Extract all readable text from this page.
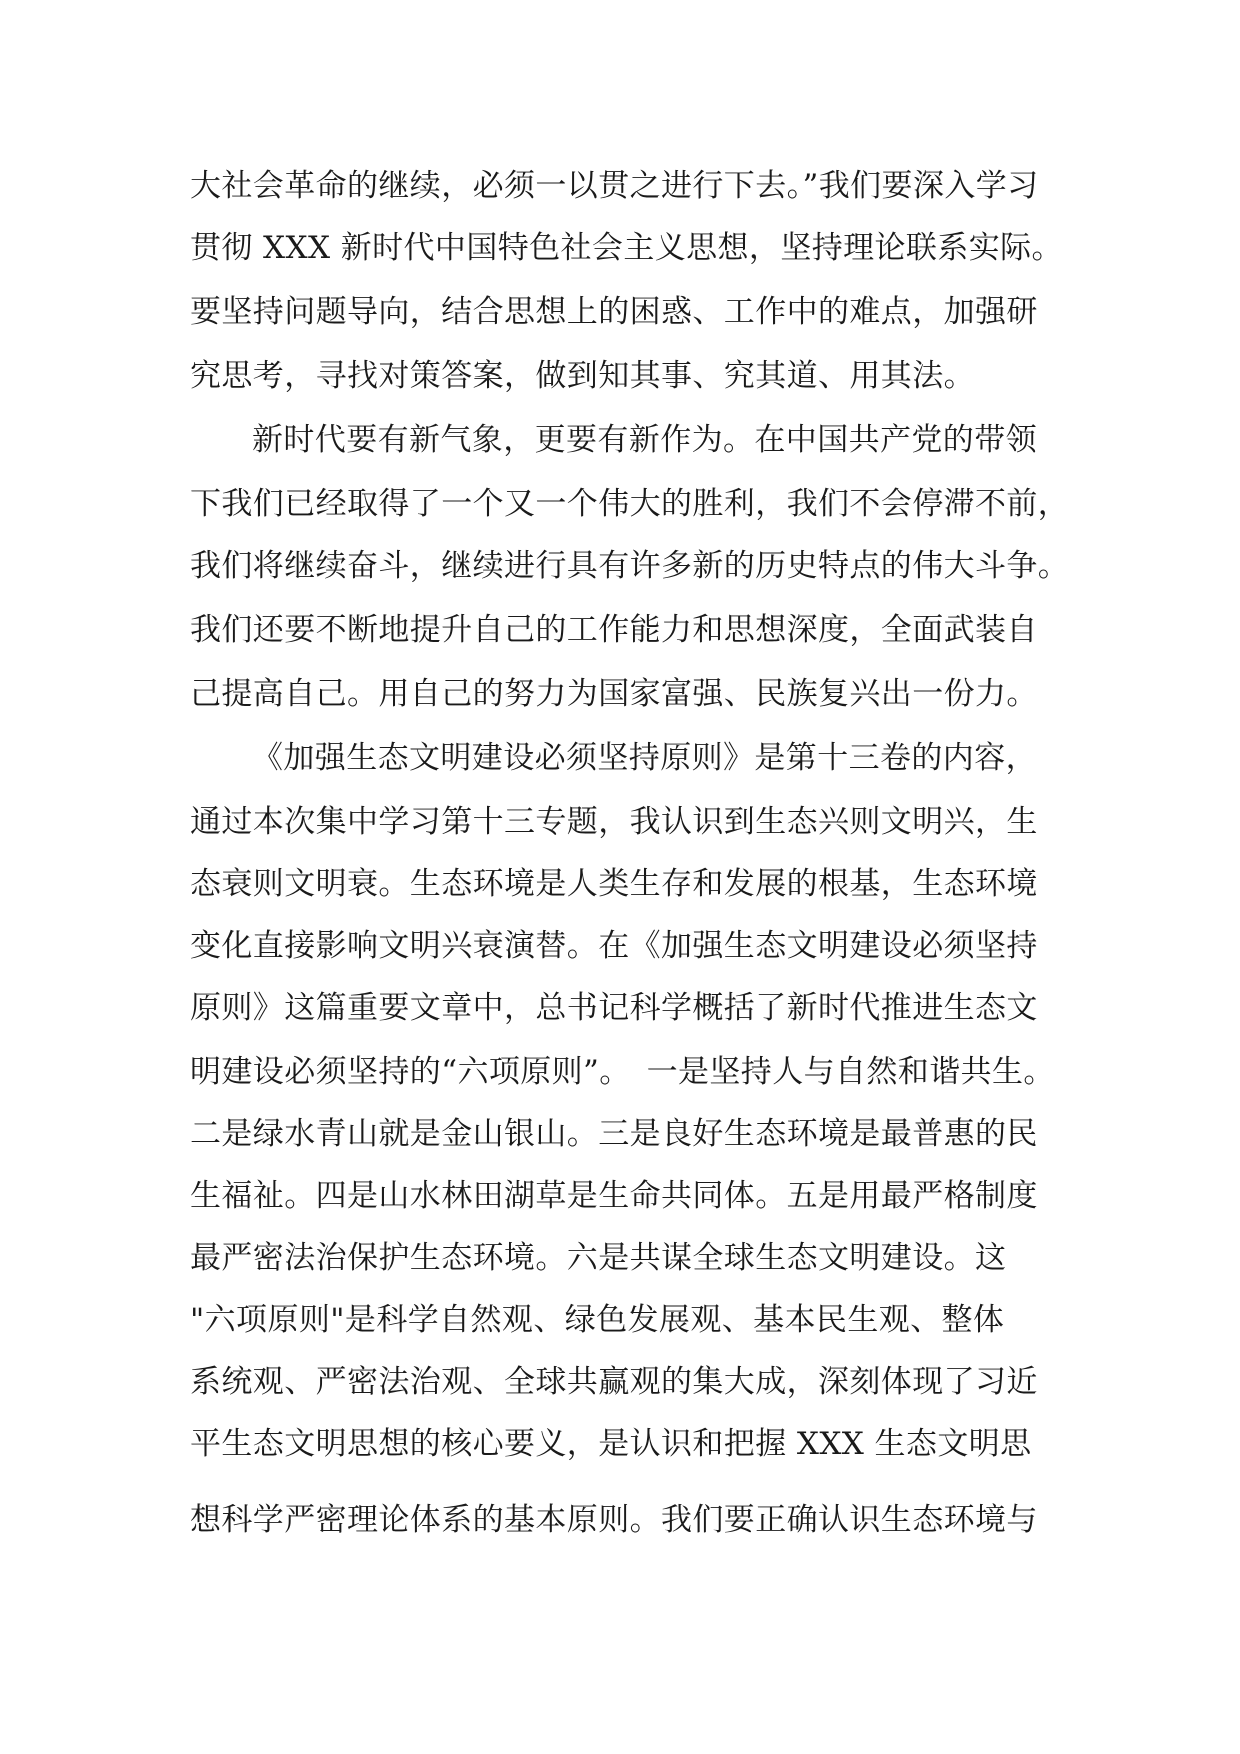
大社会革命的继续，必须一以贯之进行下去。”我们要深入学习
贯彻 XXX 新时代中国特色社会主义思想，坚持理论联系实际。
要坚持问题导向，结合思想上的困惑、工作中的难点，加强研
究思考，寻找对策答案，做到知其事、究其道、用其法。
新时代要有新气象，更要有新作为。在中国共产党的带领
下我们已经取得了一个又一个伟大的胜利，我们不会停滞不前，
我们将继续奋斗，继续进行具有许多新的历史特点的伟大斗争。
我们还要不断地提升自己的工作能力和思想深度，全面武装自
己提高自己。用自己的努力为国家富强、民族复兴出一份力。
《加强生态文明建设必须坚持原则》是第十三卷的内容，
通过本次集中学习第十三专题，我认识到生态兴则文明兴，生
态衰则文明衰。生态环境是人类生存和发展的根基，生态环境
变化直接影响文明兴衰演替。在《加强生态文明建设必须坚持
原则》这篇重要文章中，总书记科学概括了新时代推进生态文
明建设必须坚持的“六项原则”。　一是坚持人与自然和谐共生。
二是绿水青山就是金山银山。三是良好生态环境是最普惠的民
生福祉。四是山水林田湖草是生命共同体。五是用最严格制度
最严密法治保护生态环境。六是共谋全球生态文明建设。这
"六项原则"是科学自然观、绿色发展观、基本民生观、整体
系统观、严密法治观、全球共赢观的集大成，深刻体现了习近
平生态文明思想的核心要义，是认识和把握 XXX 生态文明思
想科学严密理论体系的基本原则。我们要正确认识生态环境与
